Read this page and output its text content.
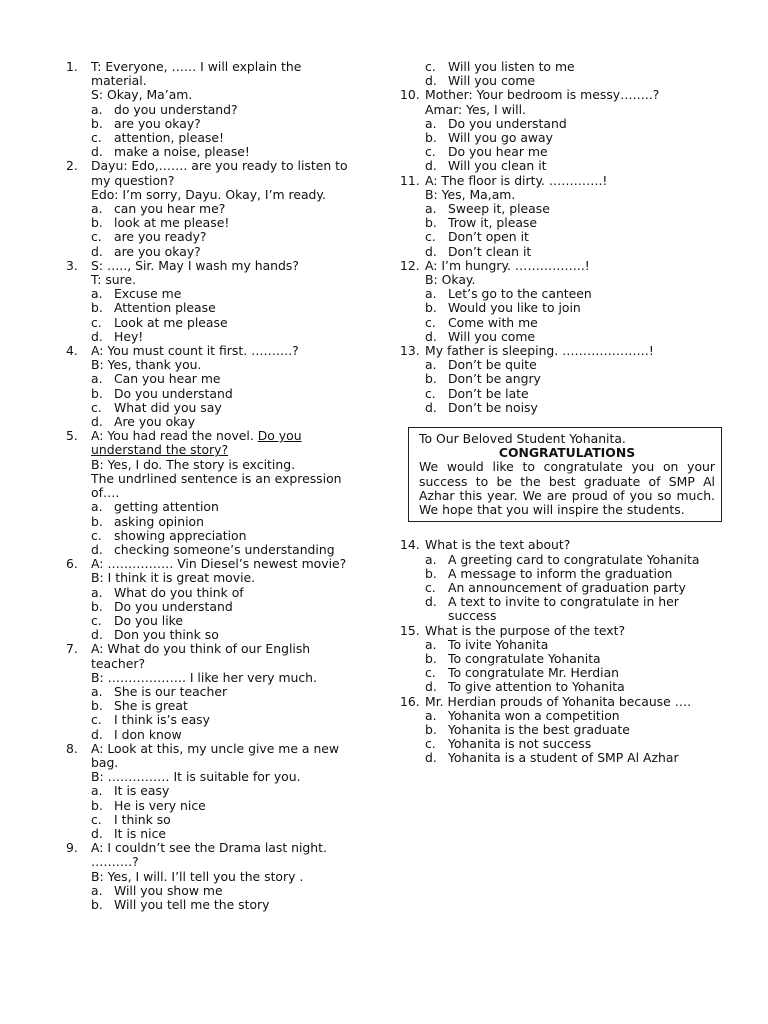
1. T: Everyone, …… I will explain the material.
S: Okay, Ma’am.
a. do you understand?
b. are you okay?
c. attention, please!
d. make a noise, please!
2. Dayu: Edo,……. are you ready to listen to my question?
Edo: I’m sorry, Dayu. Okay, I’m ready.
a. can you hear me?
b. look at me please!
c. are you ready?
d. are you okay?
3. S: ….., Sir. May I wash my hands?
T: sure.
a. Excuse me
b. Attention please
c. Look at me please
d. Hey!
4. A: You must count it first. ……….?
B: Yes, thank you.
a. Can you hear me
b. Do you understand
c. What did you say
d. Are you okay
5. A: You had read the novel. Do you understand the story?
B: Yes, I do. The story is exciting.
The undrlined sentence is an expression of….
a. getting attention
b. asking opinion
c. showing appreciation
d. checking someone’s understanding
6. A: ……………. Vin Diesel’s newest movie?
B: I think it is great movie.
a. What do you think of
b. Do you understand
c. Do you like
d. Don you think so
7. A: What do you think of our English teacher?
B: ………………. I like her very much.
a. She is our teacher
b. She is great
c. I think is’s easy
d. I don know
8. A: Look at this, my uncle give me a new bag.
B: …………… It is suitable for you.
a. It is easy
b. He is very nice
c. I think so
d. It is nice
9. A: I couldn’t see the Drama last night. ……….?
B: Yes, I will. I’ll tell you the story .
a. Will you show me
b. Will you tell me the story
c. Will you listen to me
d. Will you come
10. Mother: Your bedroom is messy……..?
Amar: Yes, I will.
a. Do you understand
b. Will you go away
c. Do you hear me
d. Will you clean it
11. A: The floor is dirty. ………….!
B: Yes, Ma,am.
a. Sweep it, please
b. Trow it, please
c. Don’t open it
d. Don’t clean it
12. A: I’m hungry. ……………..!
B: Okay.
a. Let’s go to the canteen
b. Would you like to join
c. Come with me
d. Will you come
13. My father is sleeping. …………………!
a. Don’t be quite
b. Don’t be angry
c. Don’t be late
d. Don’t be noisy
To Our Beloved Student Yohanita.
CONGRATULATIONS
We would like to congratulate you on your success to be the best graduate of SMP Al Azhar this year. We are proud of you so much. We hope that you will inspire the students.
14. What is the text about?
a. A greeting card to congratulate Yohanita
b. A message to inform the graduation
c. An announcement of graduation party
d. A text to invite to congratulate in her success
15. What is the purpose of the text?
a. To ivite Yohanita
b. To congratulate Yohanita
c. To congratulate Mr. Herdian
d. To give attention to Yohanita
16. Mr. Herdian prouds of Yohanita because ….
a. Yohanita won a competition
b. Yohanita is the best graduate
c. Yohanita is not success
d. Yohanita is a student of SMP Al Azhar
